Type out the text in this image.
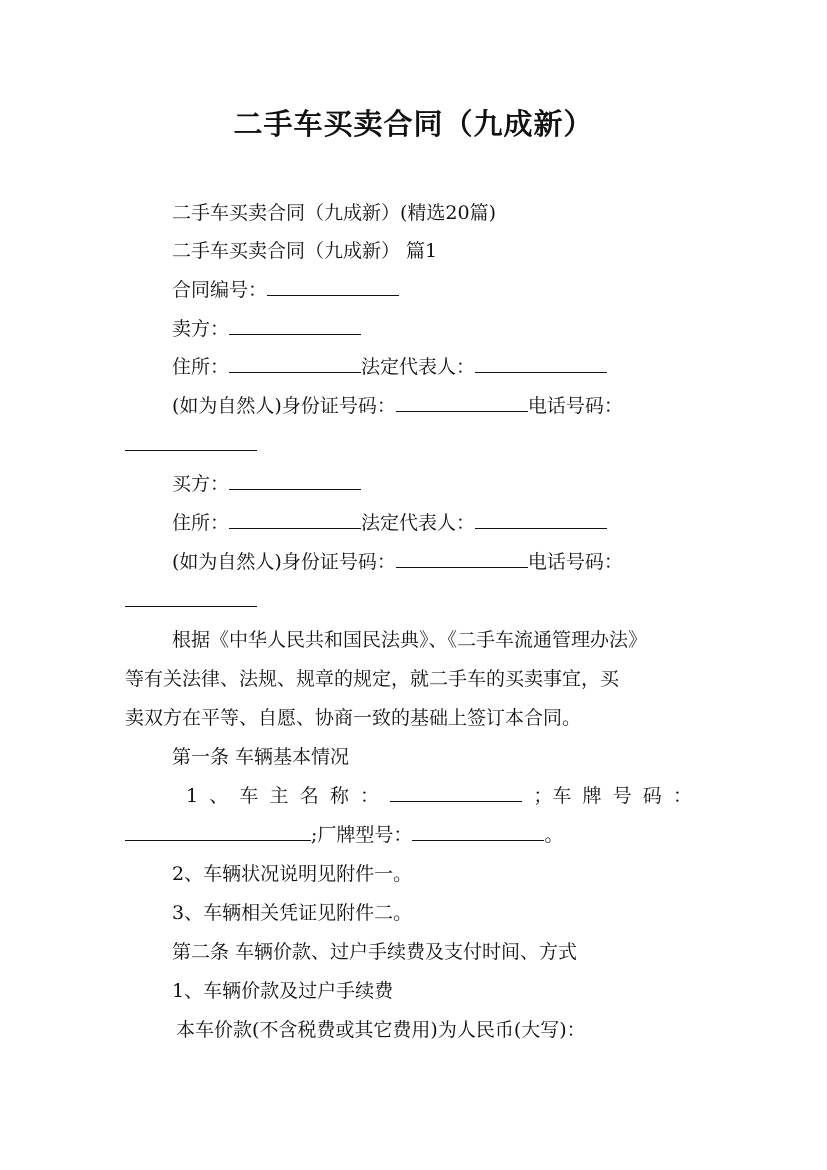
二手车买卖合同（九成新）
二手车买卖合同（九成新）(精选20篇)
二手车买卖合同（九成新） 篇1
合同编号：
卖方：
住所：	法定代表人：
(如为自然人)身份证号码：	电话号码：
买方：
住所：	法定代表人：
(如为自然人)身份证号码：	电话号码：
根据《中华人民共和国民法典》、《二手车流通管理办法》
等有关法律、法规、规章的规定，就二手车的买卖事宜，买
卖双方在平等、自愿、协商一致的基础上签订本合同。
第一条 车辆基本情况
1 、 车 主 名 称 ：	；车 牌 号 码 ：
;厂牌型号：	。
2、车辆状况说明见附件一。
3、车辆相关凭证见附件二。
第二条 车辆价款、过户手续费及支付时间、方式
1、车辆价款及过户手续费
本车价款(不含税费或其它费用)为人民币(大写)：
